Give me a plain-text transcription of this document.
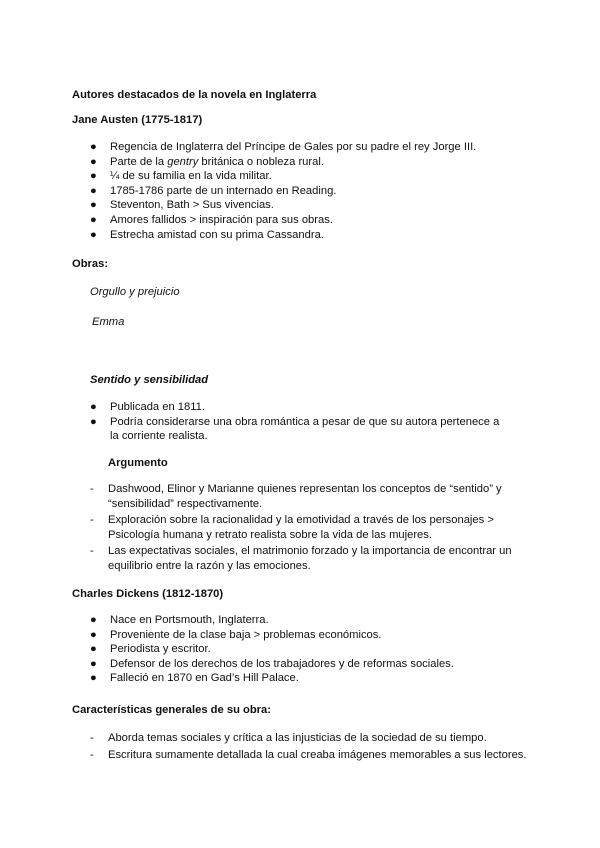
Autores destacados de la novela en Inglaterra
Jane Austen (1775-1817)
● Regencia de Inglaterra del Príncipe de Gales por su padre el rey Jorge III.
● Parte de la gentry británica o nobleza rural.
● ¼ de su familia en la vida militar.
● 1785-1786 parte de un internado en Reading.
● Steventon, Bath > Sus vivencias.
● Amores fallidos > inspiración para sus obras.
● Estrecha amistad con su prima Cassandra.
Obras:
Orgullo y prejuicio
Emma
Sentido y sensibilidad
● Publicada en 1811.
● Podría considerarse una obra romántica a pesar de que su autora pertenece a la corriente realista.
Argumento
- Dashwood, Elinor y Marianne quienes representan los conceptos de “sentido” y “sensibilidad” respectivamente.
- Exploración sobre la racionalidad y la emotividad a través de los personajes > Psicología humana y retrato realista sobre la vida de las mujeres.
- Las expectativas sociales, el matrimonio forzado y la importancia de encontrar un equilibrio entre la razón y las emociones.
Charles Dickens (1812-1870)
● Nace en Portsmouth, Inglaterra.
● Proveniente de la clase baja > problemas económicos.
● Periodista y escritor.
● Defensor de los derechos de los trabajadores y de reformas sociales.
● Falleció en 1870 en Gad’s Hill Palace.
Características generales de su obra:
- Aborda temas sociales y crítica a las injusticias de la sociedad de su tiempo.
- Escritura sumamente detallada la cual creaba imágenes memorables a sus lectores.
